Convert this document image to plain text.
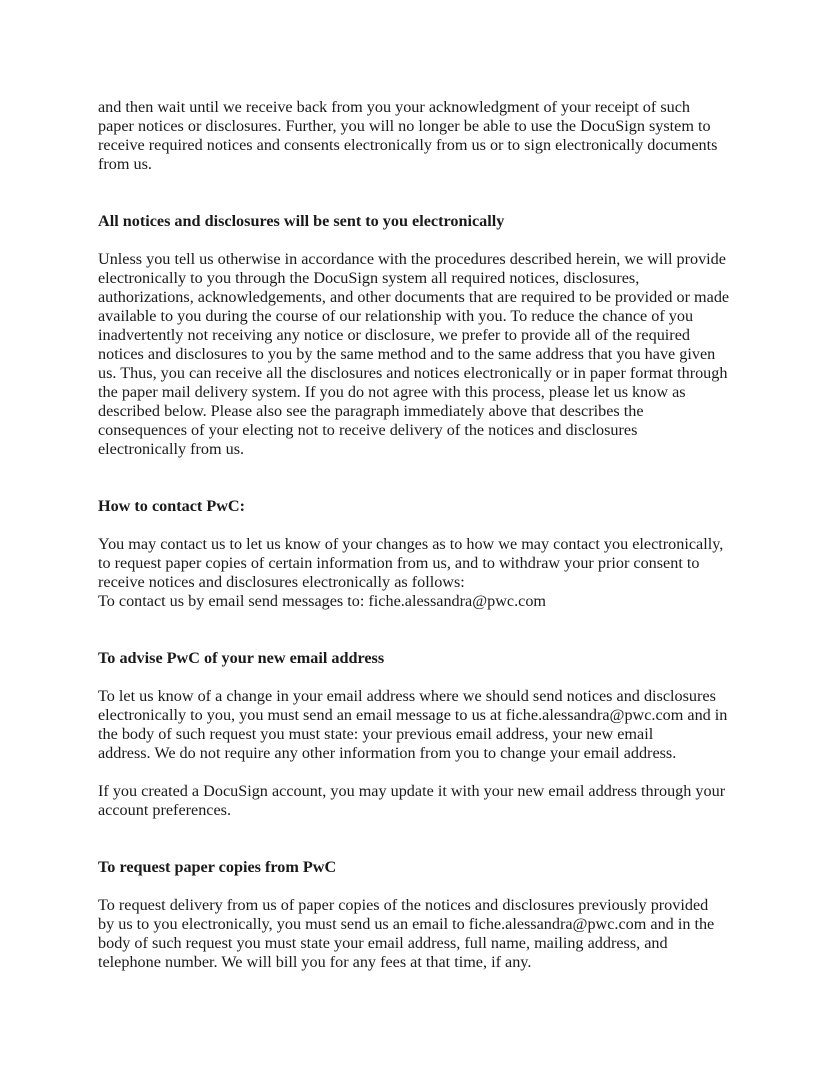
and then wait until we receive back from you your acknowledgment of your receipt of such
paper notices or disclosures. Further, you will no longer be able to use the DocuSign system to
receive required notices and consents electronically from us or to sign electronically documents
from us.
All notices and disclosures will be sent to you electronically
Unless you tell us otherwise in accordance with the procedures described herein, we will provide
electronically to you through the DocuSign system all required notices, disclosures,
authorizations, acknowledgements, and other documents that are required to be provided or made
available to you during the course of our relationship with you. To reduce the chance of you
inadvertently not receiving any notice or disclosure, we prefer to provide all of the required
notices and disclosures to you by the same method and to the same address that you have given
us. Thus, you can receive all the disclosures and notices electronically or in paper format through
the paper mail delivery system. If you do not agree with this process, please let us know as
described below. Please also see the paragraph immediately above that describes the
consequences of your electing not to receive delivery of the notices and disclosures
electronically from us.
How to contact PwC:
You may contact us to let us know of your changes as to how we may contact you electronically,
to request paper copies of certain information from us, and to withdraw your prior consent to
receive notices and disclosures electronically as follows:
To contact us by email send messages to: fiche.alessandra@pwc.com
To advise PwC of your new email address
To let us know of a change in your email address where we should send notices and disclosures
electronically to you, you must send an email message to us at fiche.alessandra@pwc.com and in
the body of such request you must state: your previous email address, your new email
address. We do not require any other information from you to change your email address.
If you created a DocuSign account, you may update it with your new email address through your
account preferences.
To request paper copies from PwC
To request delivery from us of paper copies of the notices and disclosures previously provided
by us to you electronically, you must send us an email to fiche.alessandra@pwc.com and in the
body of such request you must state your email address, full name, mailing address, and
telephone number. We will bill you for any fees at that time, if any.
